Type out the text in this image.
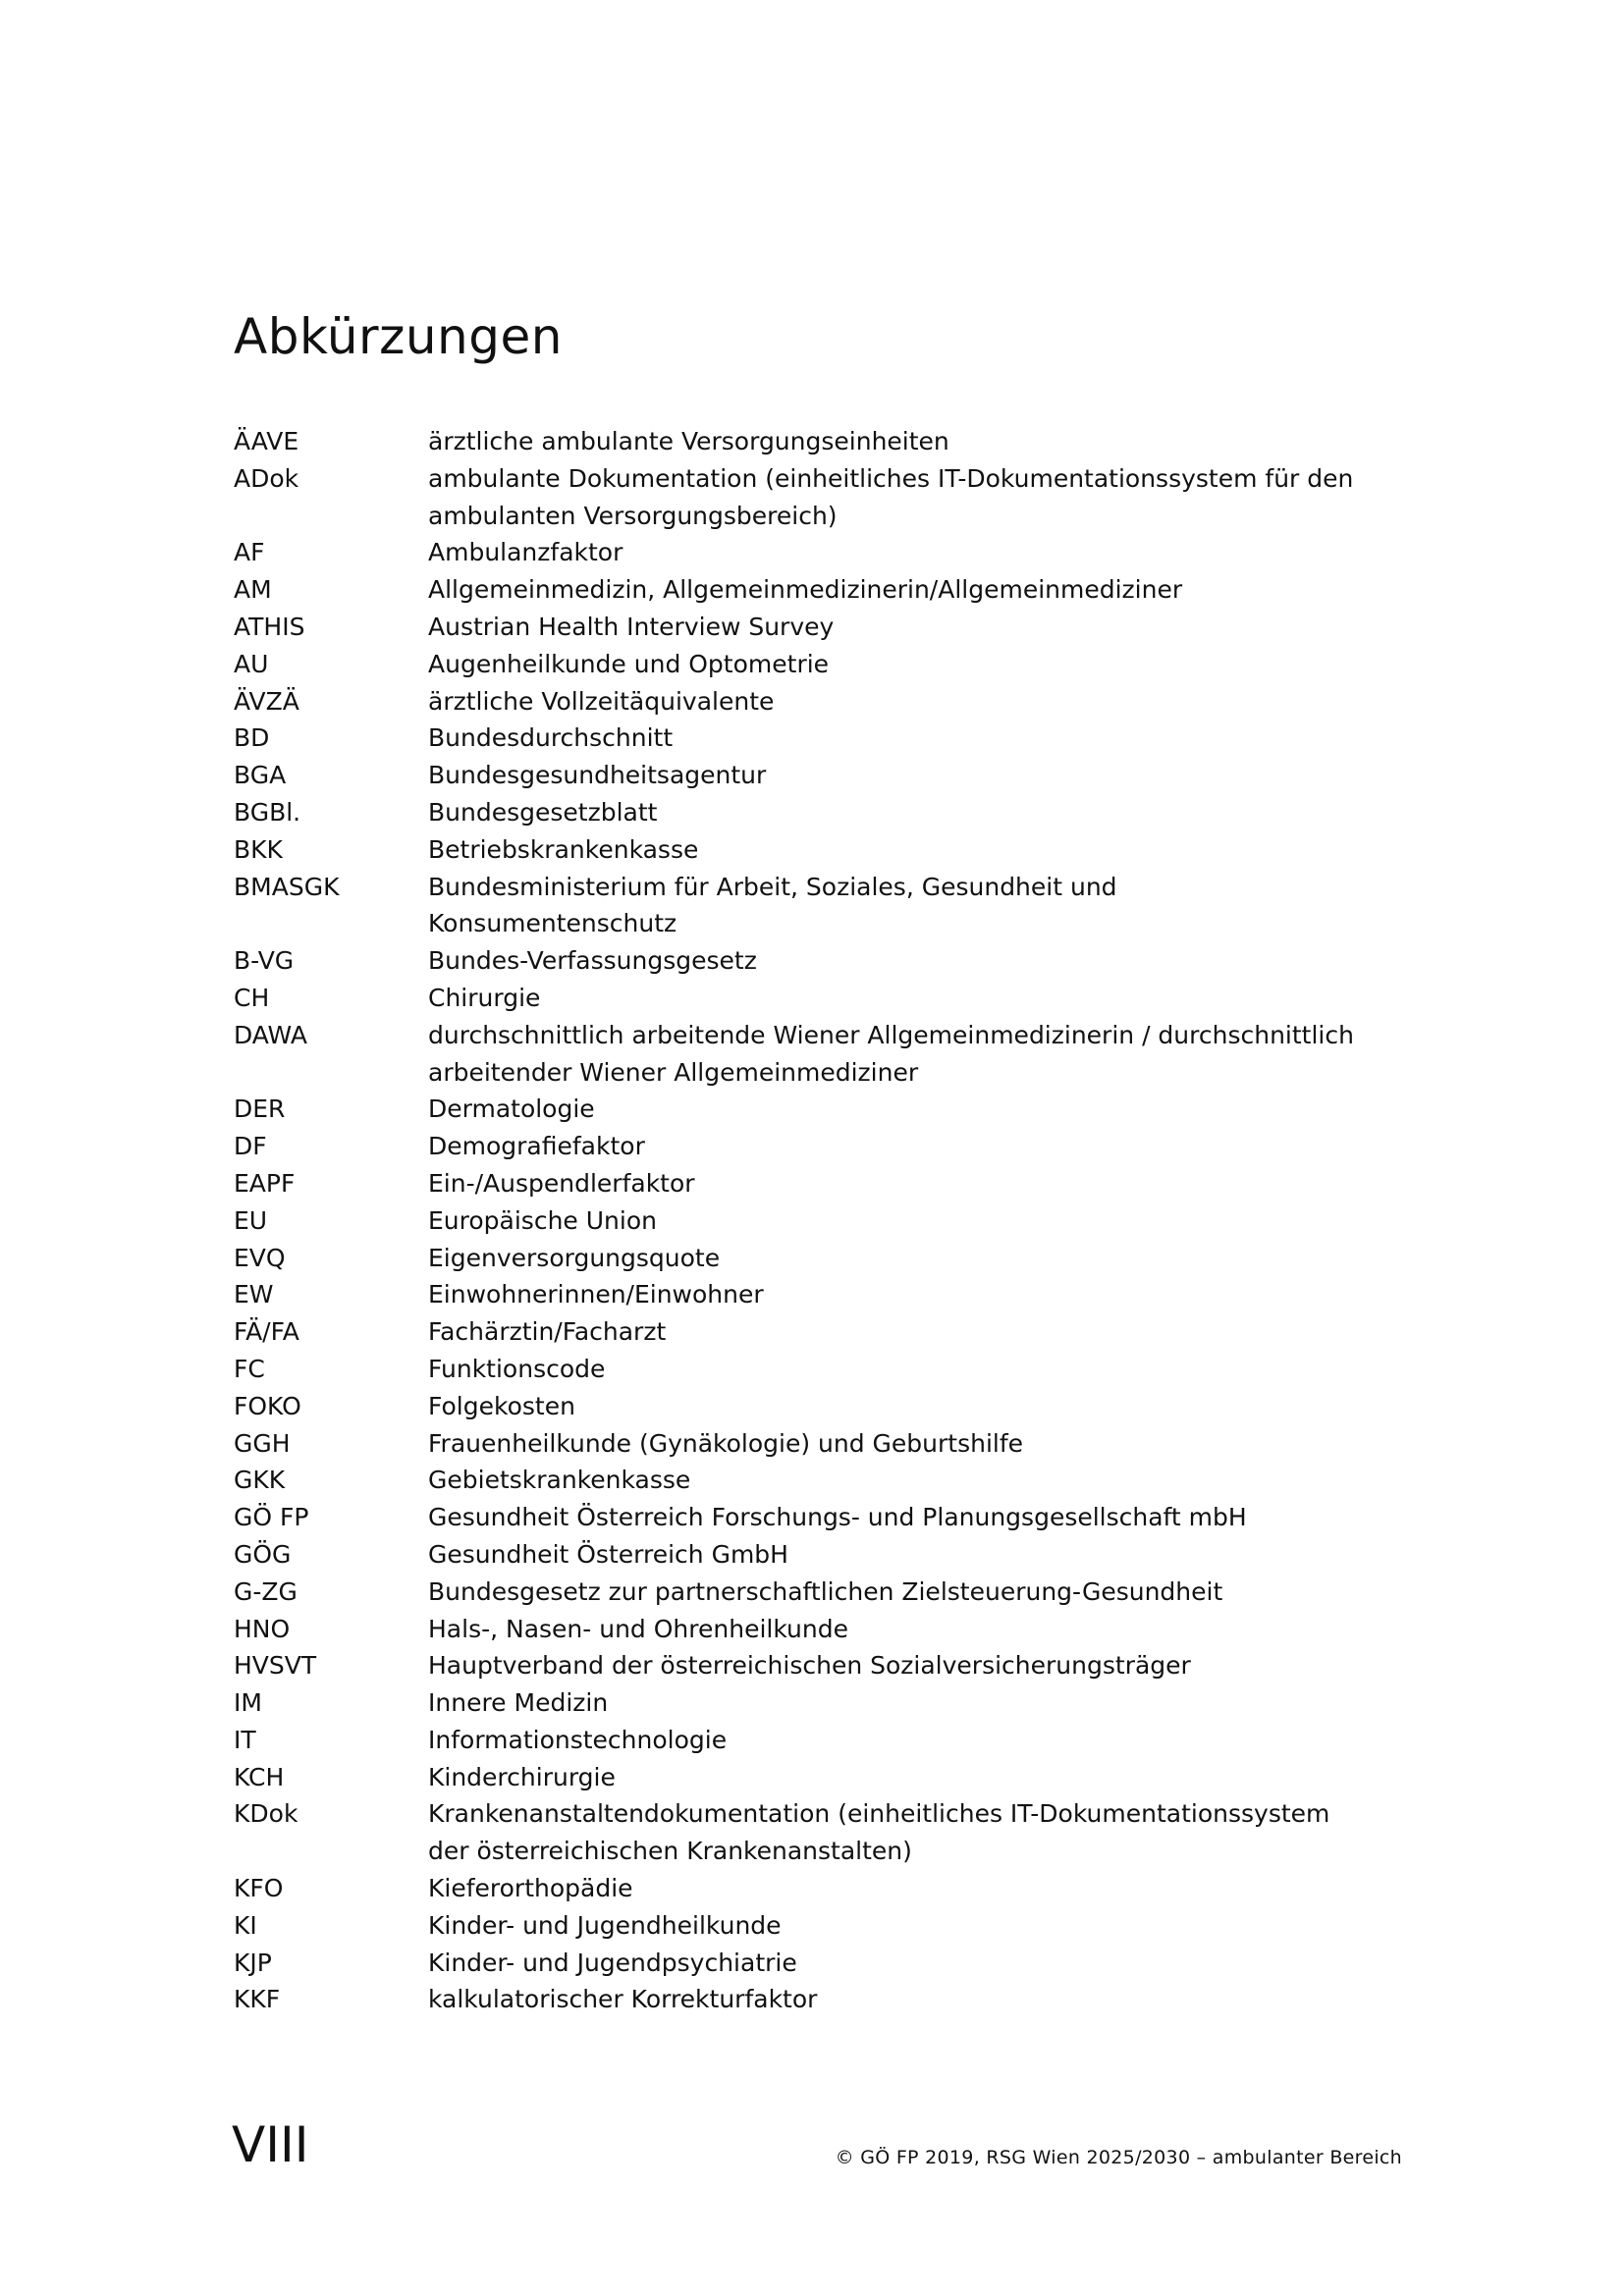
Abkürzungen
ÄAVE	ärztliche ambulante Versorgungseinheiten
ADok	ambulante Dokumentation (einheitliches IT-Dokumentationssystem für den ambulanten Versorgungsbereich)
AF	Ambulanzfaktor
AM	Allgemeinmedizin, Allgemeinmedizinerin/Allgemeinmediziner
ATHIS	Austrian Health Interview Survey
AU	Augenheilkunde und Optometrie
ÄVZÄ	ärztliche Vollzeitäquivalente
BD	Bundesdurchschnitt
BGA	Bundesgesundheitsagentur
BGBl.	Bundesgesetzblatt
BKK	Betriebskrankenkasse
BMASGK	Bundesministerium für Arbeit, Soziales, Gesundheit und Konsumentenschutz
B-VG	Bundes-Verfassungsgesetz
CH	Chirurgie
DAWA	durchschnittlich arbeitende Wiener Allgemeinmedizinerin / durchschnittlich arbeitender Wiener Allgemeinmediziner
DER	Dermatologie
DF	Demografiefaktor
EAPF	Ein-/Auspendlerfaktor
EU	Europäische Union
EVQ	Eigenversorgungsquote
EW	Einwohnerinnen/Einwohner
FÄ/FA	Fachärztin/Facharzt
FC	Funktionscode
FOKO	Folgekosten
GGH	Frauenheilkunde (Gynäkologie) und Geburtshilfe
GKK	Gebietskrankenkasse
GÖ FP	Gesundheit Österreich Forschungs- und Planungsgesellschaft mbH
GÖG	Gesundheit Österreich GmbH
G-ZG	Bundesgesetz zur partnerschaftlichen Zielsteuerung-Gesundheit
HNO	Hals-, Nasen- und Ohrenheilkunde
HVSVT	Hauptverband der österreichischen Sozialversicherungsträger
IM	Innere Medizin
IT	Informationstechnologie
KCH	Kinderchirurgie
KDok	Krankenanstaltendokumentation (einheitliches IT-Dokumentationssystem der österreichischen Krankenanstalten)
KFO	Kieferorthopädie
KI	Kinder- und Jugendheilkunde
KJP	Kinder- und Jugendpsychiatrie
KKF	kalkulatorischer Korrekturfaktor
VIII	© GÖ FP 2019, RSG Wien 2025/2030 – ambulanter Bereich
